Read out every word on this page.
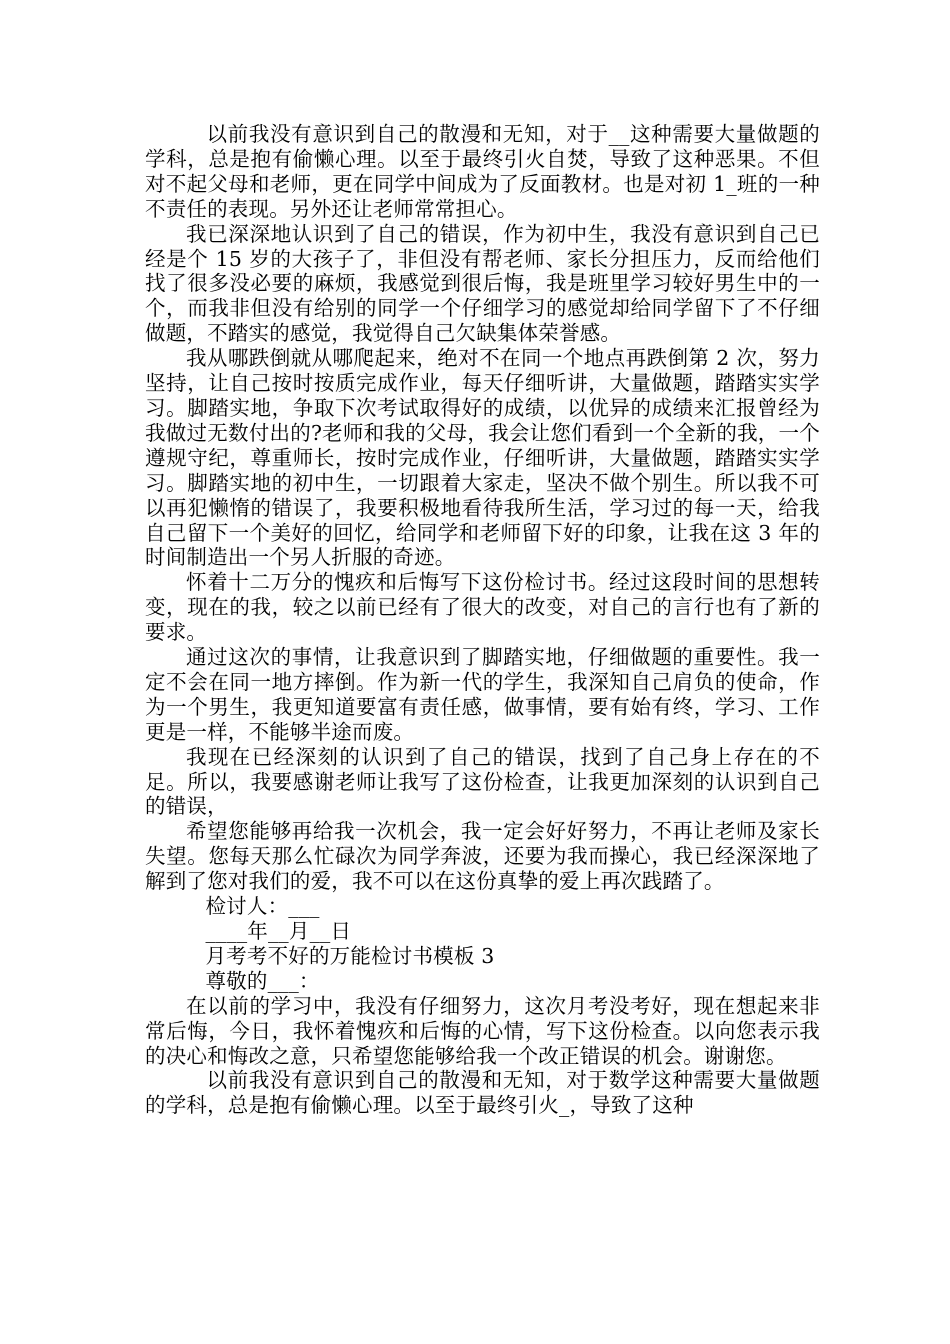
以前我没有意识到自己的散漫和无知，对于__这种需要大量做题的学科，总是抱有偷懒心理。以至于最终引火自焚，导致了这种恶果。不但对不起父母和老师，更在同学中间成为了反面教材。也是对初 1_班的一种不责任的表现。另外还让老师常常担心。

我已深深地认识到了自己的错误，作为初中生，我没有意识到自己已经是个 15 岁的大孩子了，非但没有帮老师、家长分担压力，反而给他们找了很多没必要的麻烦，我感觉到很后悔，我是班里学习较好男生中的一个，而我非但没有给别的同学一个仔细学习的感觉却给同学留下了不仔细做题，不踏实的感觉，我觉得自己欠缺集体荣誉感。

我从哪跌倒就从哪爬起来，绝对不在同一个地点再跌倒第 2 次，努力坚持，让自己按时按质完成作业，每天仔细听讲，大量做题，踏踏实实学习。脚踏实地，争取下次考试取得好的成绩，以优异的成绩来汇报曾经为我做过无数付出的?老师和我的父母，我会让您们看到一个全新的我，一个遵规守纪，尊重师长，按时完成作业，仔细听讲，大量做题，踏踏实实学习。脚踏实地的初中生，一切跟着大家走，坚决不做个别生。所以我不可以再犯懒惰的错误了，我要积极地看待我所生活，学习过的每一天，给我自己留下一个美好的回忆，给同学和老师留下好的印象，让我在这 3 年的时间制造出一个另人折服的奇迹。

怀着十二万分的愧疚和后悔写下这份检讨书。经过这段时间的思想转变，现在的我，较之以前已经有了很大的改变，对自己的言行也有了新的要求。

通过这次的事情，让我意识到了脚踏实地，仔细做题的重要性。我一定不会在同一地方摔倒。作为新一代的学生，我深知自己肩负的使命，作为一个男生，我更知道要富有责任感，做事情，要有始有终，学习、工作更是一样，不能够半途而废。

我现在已经深刻的认识到了自己的错误，找到了自己身上存在的不足。所以，我要感谢老师让我写了这份检查，让我更加深刻的认识到自己的错误，

希望您能够再给我一次机会，我一定会好好努力，不再让老师及家长失望。您每天那么忙碌次为同学奔波，还要为我而操心，我已经深深地了解到了您对我们的爱，我不可以在这份真挚的爱上再次践踏了。

检讨人：___

____年__月__日

月考考不好的万能检讨书模板 3

尊敬的___：

在以前的学习中，我没有仔细努力，这次月考没考好，现在想起来非常后悔，今日，我怀着愧疚和后悔的心情，写下这份检查。以向您表示我的决心和悔改之意，只希望您能够给我一个改正错误的机会。谢谢您。

以前我没有意识到自己的散漫和无知，对于数学这种需要大量做题的学科，总是抱有偷懒心理。以至于最终引火_，导致了这种
